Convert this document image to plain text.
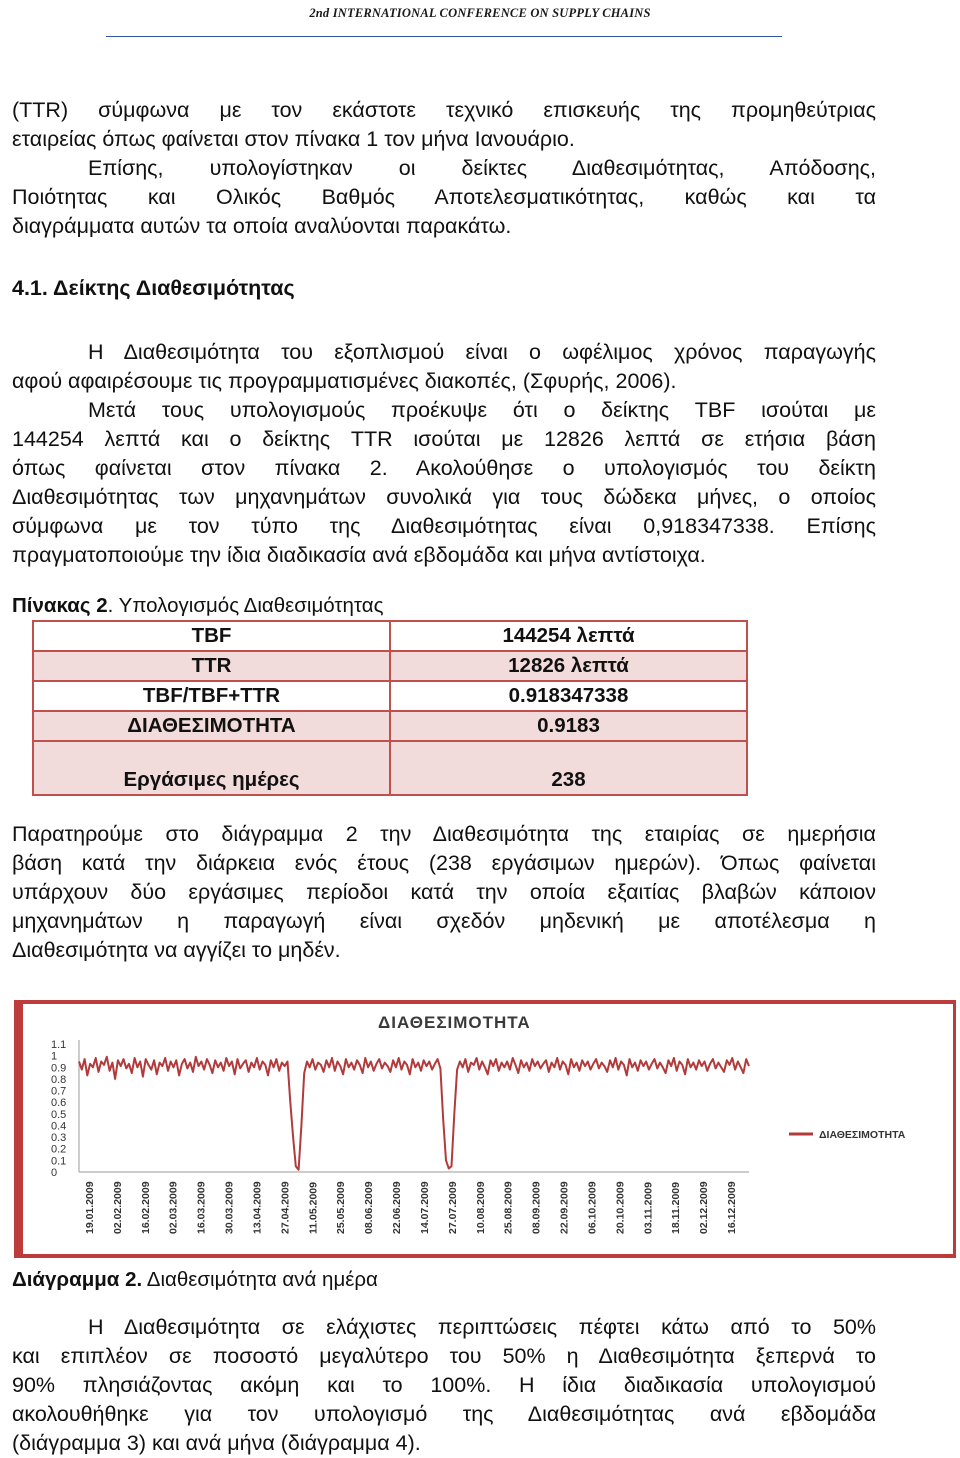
2nd INTERNATIONAL CONFERENCE ON SUPPLY CHAINS
(TTR) σύμφωνα με τον εκάστοτε τεχνικό επισκευής της προμηθεύτριας
εταιρείας όπως φαίνεται στον πίνακα 1 τον μήνα Ιανουάριο.
Επίσης, υπολογίστηκαν οι δείκτες Διαθεσιμότητας, Απόδοσης,
Ποιότητας και Ολικός Βαθμός Αποτελεσματικότητας, καθώς και τα
διαγράμματα αυτών τα οποία αναλύονται παρακάτω.
4.1. Δείκτης Διαθεσιμότητας
Η Διαθεσιμότητα του εξοπλισμού είναι ο ωφέλιμος χρόνος παραγωγής
αφού αφαιρέσουμε τις προγραμματισμένες διακοπές, (Σφυρής, 2006).
Μετά τους υπολογισμούς προέκυψε ότι ο δείκτης TBF ισούται με
144254 λεπτά και ο δείκτης TTR ισούται με 12826 λεπτά σε ετήσια βάση
όπως φαίνεται στον πίνακα 2. Ακολούθησε ο υπολογισμός του δείκτη
Διαθεσιμότητας των μηχανημάτων συνολικά για τους δώδεκα μήνες, ο οποίος
σύμφωνα με τον τύπο της Διαθεσιμότητας είναι 0,918347338. Επίσης
πραγματοποιούμε την ίδια διαδικασία ανά εβδομάδα και μήνα αντίστοιχα.
Πίνακας 2. Υπολογισμός Διαθεσιμότητας
TBF	144254 λεπτά
TTR	12826 λεπτά
TBF/TBF+TTR	0.918347338
ΔΙΑΘΕΣΙΜΟΤΗΤΑ	0.9183

Εργάσιμες ημέρες	238
Παρατηρούμε στο διάγραμμα 2 την Διαθεσιμότητα της εταιρίας σε ημερήσια
βάση κατά την διάρκεια ενός έτους (238 εργάσιμων ημερών). Όπως φαίνεται
υπάρχουν δύο εργάσιμες περίοδοι κατά την οποία εξαιτίας βλαβών κάποιον
μηχανημάτων η παραγωγή είναι σχεδόν μηδενική με αποτέλεσμα η
Διαθεσιμότητα να αγγίζει το μηδέν.
ΔΙΑΘΕΣΙΜΟΤΗΤΑ
0
0.1
0.2
0.3
0.4
0.5
0.6
0.7
0.8
0.9
1
1.1
19.01.2009 02.02.2009 16.02.2009 02.03.2009 16.03.2009 30.03.2009 13.04.2009 27.04.2009 11.05.2009 25.05.2009 08.06.2009 22.06.2009 14.07.2009 27.07.2009 10.08.2009 25.08.2009 08.09.2009 22.09.2009 06.10.2009 20.10.2009 03.11.2009 18.11.2009 02.12.2009 16.12.2009
ΔΙΑΘΕΣΙΜΟΤΗΤΑ
Διάγραμμα 2. Διαθεσιμότητα ανά ημέρα
Η Διαθεσιμότητα σε ελάχιστες περιπτώσεις πέφτει κάτω από το 50%
και επιπλέον σε ποσοστό μεγαλύτερο του 50% η Διαθεσιμότητα ξεπερνά το
90% πλησιάζοντας ακόμη και το 100%. Η ίδια διαδικασία υπολογισμού
ακολουθήθηκε για τον υπολογισμό της Διαθεσιμότητας ανά εβδομάδα
(διάγραμμα 3) και ανά μήνα (διάγραμμα 4).
